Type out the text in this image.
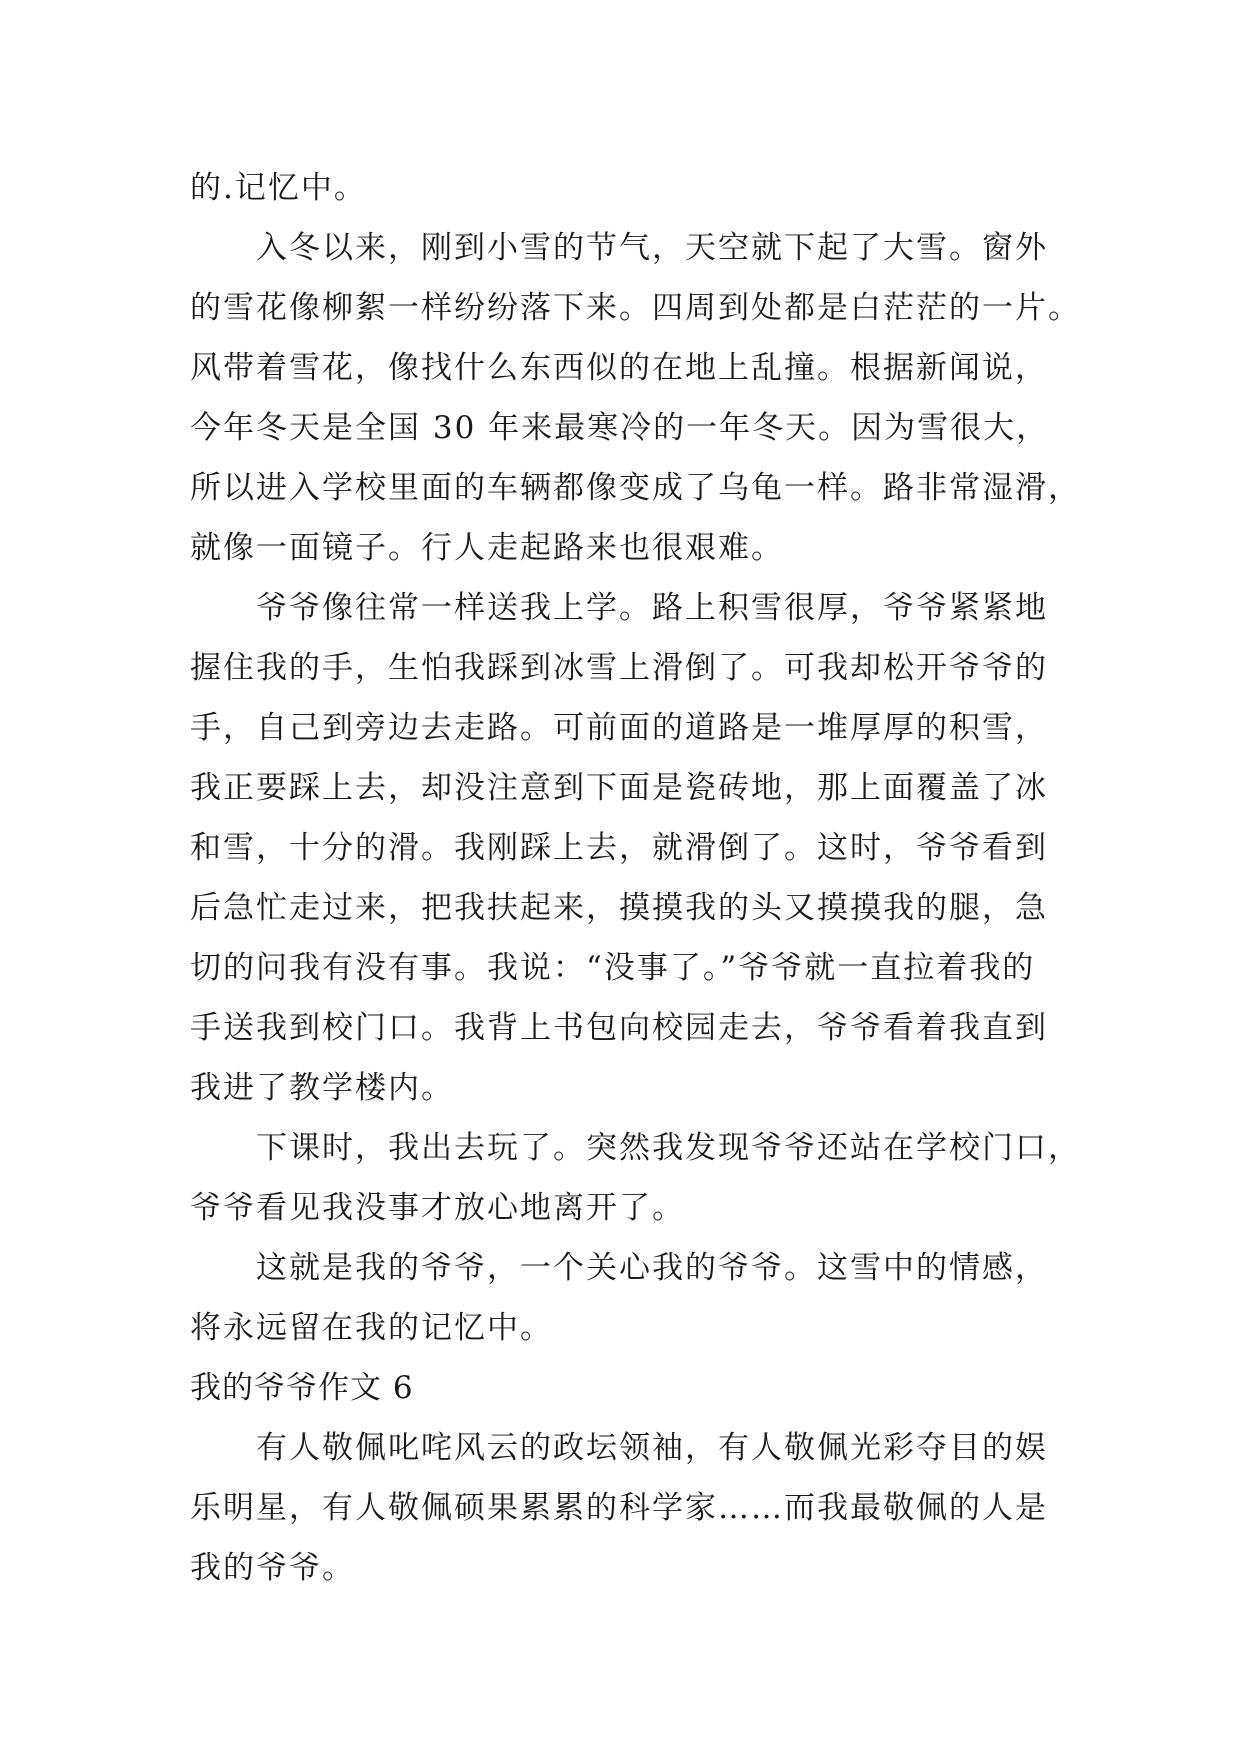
的.记忆中。
入冬以来，刚到小雪的节气，天空就下起了大雪。窗外
的雪花像柳絮一样纷纷落下来。四周到处都是白茫茫的一片。
风带着雪花，像找什么东西似的在地上乱撞。根据新闻说，
今年冬天是全国 30 年来最寒冷的一年冬天。因为雪很大，
所以进入学校里面的车辆都像变成了乌龟一样。路非常湿滑，
就像一面镜子。行人走起路来也很艰难。
爷爷像往常一样送我上学。路上积雪很厚，爷爷紧紧地
握住我的手，生怕我踩到冰雪上滑倒了。可我却松开爷爷的
手，自己到旁边去走路。可前面的道路是一堆厚厚的积雪，
我正要踩上去，却没注意到下面是瓷砖地，那上面覆盖了冰
和雪，十分的滑。我刚踩上去，就滑倒了。这时，爷爷看到
后急忙走过来，把我扶起来，摸摸我的头又摸摸我的腿，急
切的问我有没有事。我说：“没事了。”爷爷就一直拉着我的
手送我到校门口。我背上书包向校园走去，爷爷看着我直到
我进了教学楼内。
下课时，我出去玩了。突然我发现爷爷还站在学校门口，
爷爷看见我没事才放心地离开了。
这就是我的爷爷，一个关心我的爷爷。这雪中的情感，
将永远留在我的记忆中。
我的爷爷作文 6
有人敬佩叱咤风云的政坛领袖，有人敬佩光彩夺目的娱
乐明星，有人敬佩硕果累累的科学家……而我最敬佩的人是
我的爷爷。
